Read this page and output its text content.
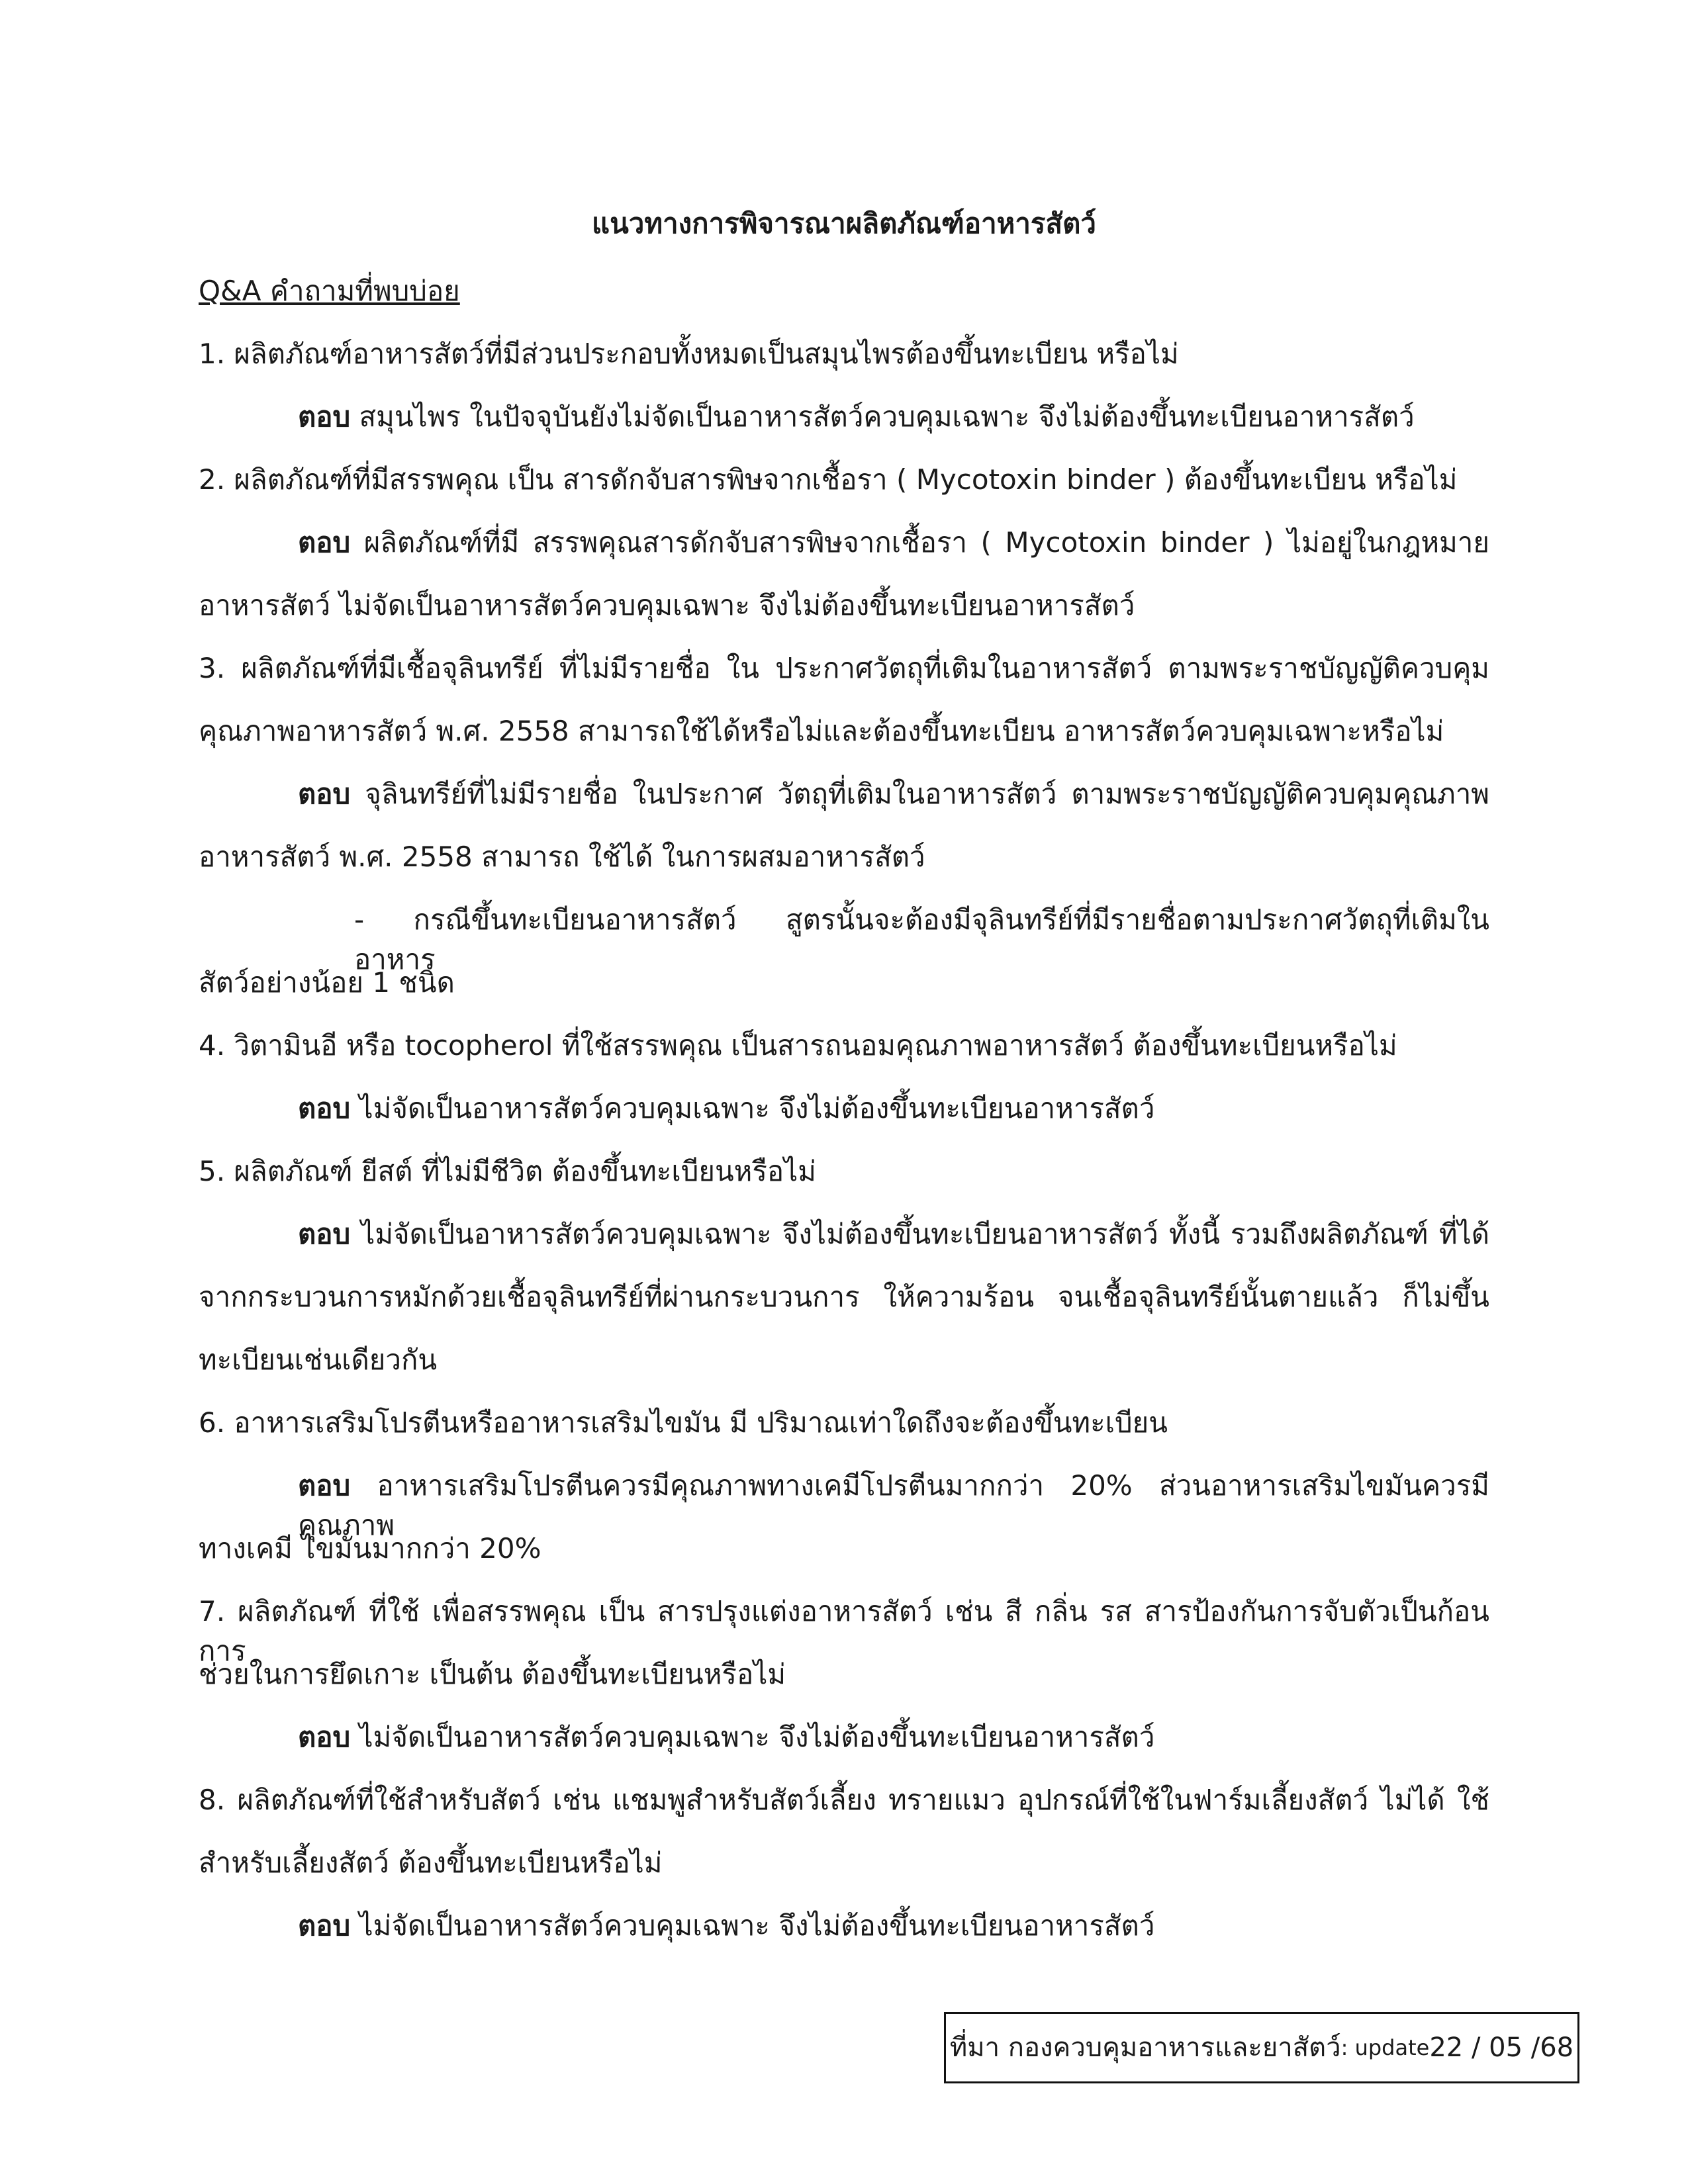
แนวทางการพิจารณาผลิตภัณฑ์อาหารสัตว์
Q&A คำถามที่พบบ่อย
1. ผลิตภัณฑ์อาหารสัตว์ที่มีส่วนประกอบทั้งหมดเป็นสมุนไพรต้องขึ้นทะเบียน หรือไม่
ตอบ สมุนไพร ในปัจจุบันยังไม่จัดเป็นอาหารสัตว์ควบคุมเฉพาะ จึงไม่ต้องขึ้นทะเบียนอาหารสัตว์
2. ผลิตภัณฑ์ที่มีสรรพคุณ เป็น สารดักจับสารพิษจากเชื้อรา ( Mycotoxin binder ) ต้องขึ้นทะเบียน หรือไม่
ตอบ ผลิตภัณฑ์ที่มี สรรพคุณสารดักจับสารพิษจากเชื้อรา ( Mycotoxin binder ) ไม่อยู่ในกฎหมาย
อาหารสัตว์ ไม่จัดเป็นอาหารสัตว์ควบคุมเฉพาะ จึงไม่ต้องขึ้นทะเบียนอาหารสัตว์
3. ผลิตภัณฑ์ที่มีเชื้อจุลินทรีย์ ที่ไม่มีรายชื่อ ใน ประกาศวัตถุที่เติมในอาหารสัตว์ ตามพระราชบัญญัติควบคุม
คุณภาพอาหารสัตว์ พ.ศ. 2558 สามารถใช้ได้หรือไม่และต้องขึ้นทะเบียน อาหารสัตว์ควบคุมเฉพาะหรือไม่
ตอบ จุลินทรีย์ที่ไม่มีรายชื่อ ในประกาศ วัตถุที่เติมในอาหารสัตว์ ตามพระราชบัญญัติควบคุมคุณภาพ
อาหารสัตว์ พ.ศ. 2558 สามารถ ใช้ได้ ในการผสมอาหารสัตว์
- กรณีขึ้นทะเบียนอาหารสัตว์ สูตรนั้นจะต้องมีจุลินทรีย์ที่มีรายชื่อตามประกาศวัตถุที่เติมในอาหาร
สัตว์อย่างน้อย 1 ชนิด
4. วิตามินอี หรือ tocopherol ที่ใช้สรรพคุณ เป็นสารถนอมคุณภาพอาหารสัตว์ ต้องขึ้นทะเบียนหรือไม่
ตอบ ไม่จัดเป็นอาหารสัตว์ควบคุมเฉพาะ จึงไม่ต้องขึ้นทะเบียนอาหารสัตว์
5. ผลิตภัณฑ์ ยีสต์ ที่ไม่มีชีวิต ต้องขึ้นทะเบียนหรือไม่
ตอบ ไม่จัดเป็นอาหารสัตว์ควบคุมเฉพาะ จึงไม่ต้องขึ้นทะเบียนอาหารสัตว์ ทั้งนี้ รวมถึงผลิตภัณฑ์ ที่ได้
จากกระบวนการหมักด้วยเชื้อจุลินทรีย์ที่ผ่านกระบวนการ ให้ความร้อน จนเชื้อจุลินทรีย์นั้นตายแล้ว ก็ไม่ขึ้น
ทะเบียนเช่นเดียวกัน
6. อาหารเสริมโปรตีนหรืออาหารเสริมไขมัน มี ปริมาณเท่าใดถึงจะต้องขึ้นทะเบียน
ตอบ อาหารเสริมโปรตีนควรมีคุณภาพทางเคมีโปรตีนมากกว่า 20% ส่วนอาหารเสริมไขมันควรมีคุณภาพ
ทางเคมี ไขมันมากกว่า 20%
7. ผลิตภัณฑ์ ที่ใช้ เพื่อสรรพคุณ เป็น สารปรุงแต่งอาหารสัตว์ เช่น สี กลิ่น รส สารป้องกันการจับตัวเป็นก้อน การ
ช่วยในการยึดเกาะ เป็นต้น ต้องขึ้นทะเบียนหรือไม่
ตอบ ไม่จัดเป็นอาหารสัตว์ควบคุมเฉพาะ จึงไม่ต้องขึ้นทะเบียนอาหารสัตว์
8. ผลิตภัณฑ์ที่ใช้สำหรับสัตว์ เช่น แชมพูสำหรับสัตว์เลี้ยง ทรายแมว อุปกรณ์ที่ใช้ในฟาร์มเลี้ยงสัตว์ ไม่ได้ ใช้
สำหรับเลี้ยงสัตว์ ต้องขึ้นทะเบียนหรือไม่
ตอบ ไม่จัดเป็นอาหารสัตว์ควบคุมเฉพาะ จึงไม่ต้องขึ้นทะเบียนอาหารสัตว์
ที่มา กองควบคุมอาหารและยาสัตว์ : update 22 / 05 /68
